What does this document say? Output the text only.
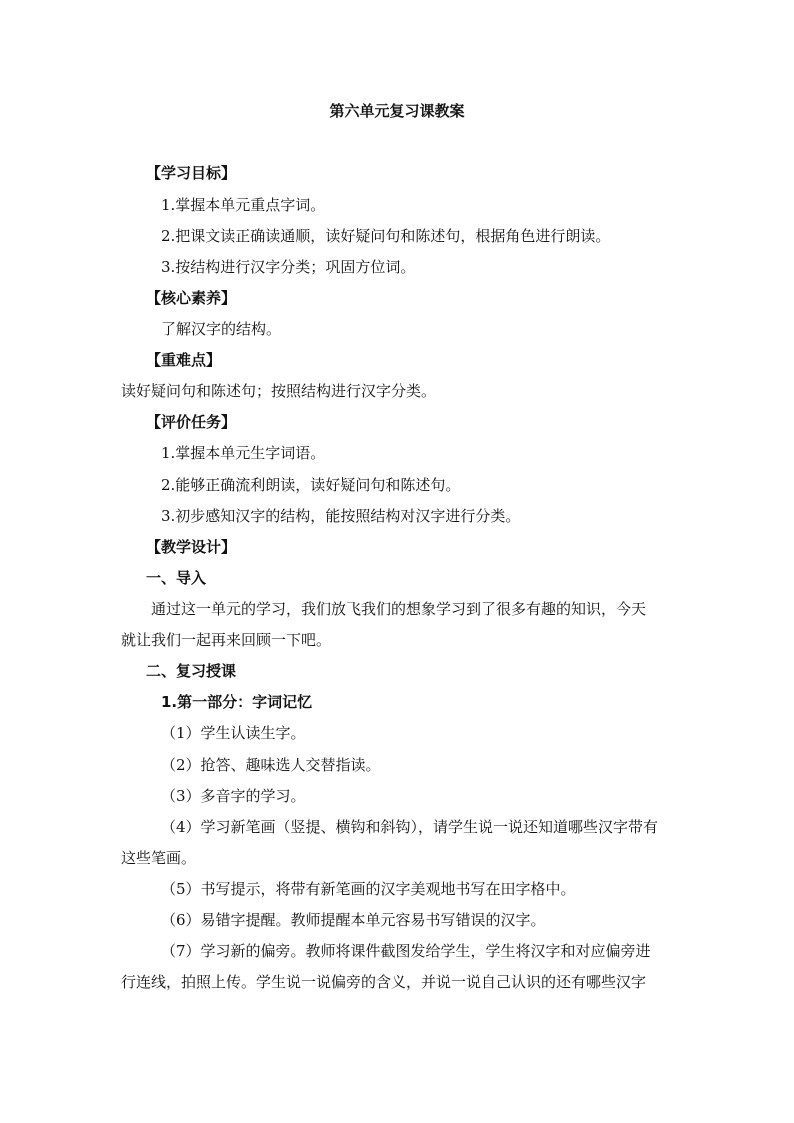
第六单元复习课教案
【学习目标】
1.掌握本单元重点字词。
2.把课文读正确读通顺，读好疑问句和陈述句，根据角色进行朗读。
3.按结构进行汉字分类；巩固方位词。
【核心素养】
了解汉字的结构。
【重难点】
读好疑问句和陈述句；按照结构进行汉字分类。
【评价任务】
1.掌握本单元生字词语。
2.能够正确流利朗读，读好疑问句和陈述句。
3.初步感知汉字的结构，能按照结构对汉字进行分类。
【教学设计】
一、导入
通过这一单元的学习，我们放飞我们的想象学习到了很多有趣的知识，今天
就让我们一起再来回顾一下吧。
二、复习授课
1.第一部分：字词记忆
（1）学生认读生字。
（2）抢答、趣味选人交替指读。
（3）多音字的学习。
（4）学习新笔画（竖提、横钩和斜钩），请学生说一说还知道哪些汉字带有
这些笔画。
（5）书写提示，将带有新笔画的汉字美观地书写在田字格中。
（6）易错字提醒。教师提醒本单元容易书写错误的汉字。
（7）学习新的偏旁。教师将课件截图发给学生，学生将汉字和对应偏旁进
行连线，拍照上传。学生说一说偏旁的含义，并说一说自己认识的还有哪些汉字
